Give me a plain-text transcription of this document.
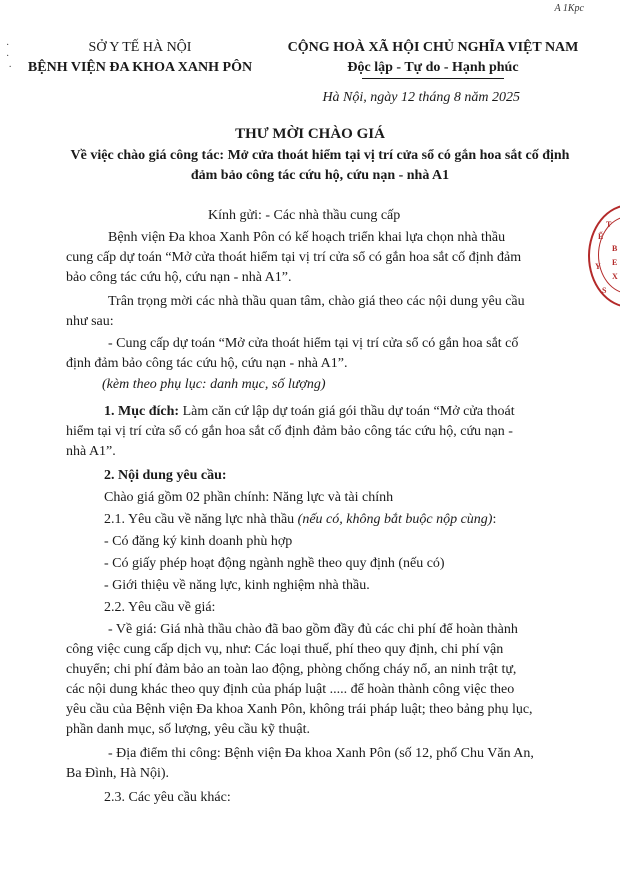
A 1Kpc
·
·
·
SỞ Y TẾ HÀ NỘI
BỆNH VIỆN ĐA KHOA XANH PÔN
CỘNG HOÀ XÃ HỘI CHỦ NGHĨA VIỆT NAM
Độc lập - Tự do - Hạnh phúc
Hà Nội, ngày 12 tháng 8 năm 2025
THƯ MỜI CHÀO GIÁ
Về việc chào giá công tác: Mở cửa thoát hiểm tại vị trí cửa sổ có gắn hoa sắt cố định đảm bảo công tác cứu hộ, cứu nạn - nhà A1
Kính gửi: - Các nhà thầu cung cấp
Bệnh viện Đa khoa Xanh Pôn có kế hoạch triển khai lựa chọn nhà thầu
cung cấp dự toán “Mở cửa thoát hiểm tại vị trí cửa sổ có gắn hoa sắt cố định đảm
bảo công tác cứu hộ, cứu nạn - nhà A1”.
Trân trọng mời các nhà thầu quan tâm, chào giá theo các nội dung yêu cầu
như sau:
- Cung cấp dự toán “Mở cửa thoát hiểm tại vị trí cửa sổ có gắn hoa sắt cố
định đảm bảo công tác cứu hộ, cứu nạn - nhà A1”.
(kèm theo phụ lục: danh mục, số lượng)
1. Mục đích: Làm căn cứ lập dự toán giá gói thầu dự toán “Mở cửa thoát
hiểm tại vị trí cửa sổ có gắn hoa sắt cố định đảm bảo công tác cứu hộ, cứu nạn -
nhà A1”.
2. Nội dung yêu cầu:
Chào giá gồm 02 phần chính: Năng lực và tài chính
2.1. Yêu cầu về năng lực nhà thầu (nếu có, không bắt buộc nộp cùng):
- Có đăng ký kinh doanh phù hợp
- Có giấy phép hoạt động ngành nghề theo quy định (nếu có)
- Giới thiệu về năng lực, kinh nghiệm nhà thầu.
2.2. Yêu cầu về giá:
- Về giá: Giá nhà thầu chào đã bao gồm đầy đủ các chi phí để hoàn thành
công việc cung cấp dịch vụ, như: Các loại thuế, phí theo quy định, chi phí vận
chuyển; chi phí đảm bảo an toàn lao động, phòng chống cháy nổ, an ninh trật tự,
các nội dung khác theo quy định của pháp luật ..... để hoàn thành công việc theo
yêu cầu của Bệnh viện Đa khoa Xanh Pôn, không trái pháp luật; theo bảng phụ lục,
phần danh mục, số lượng, yêu cầu kỹ thuật.
- Địa điểm thi công: Bệnh viện Đa khoa Xanh Pôn (số 12, phố Chu Văn An,
Ba Đình, Hà Nội).
2.3. Các yêu cầu khác:
T
Ế
Y
B
E
X
S
